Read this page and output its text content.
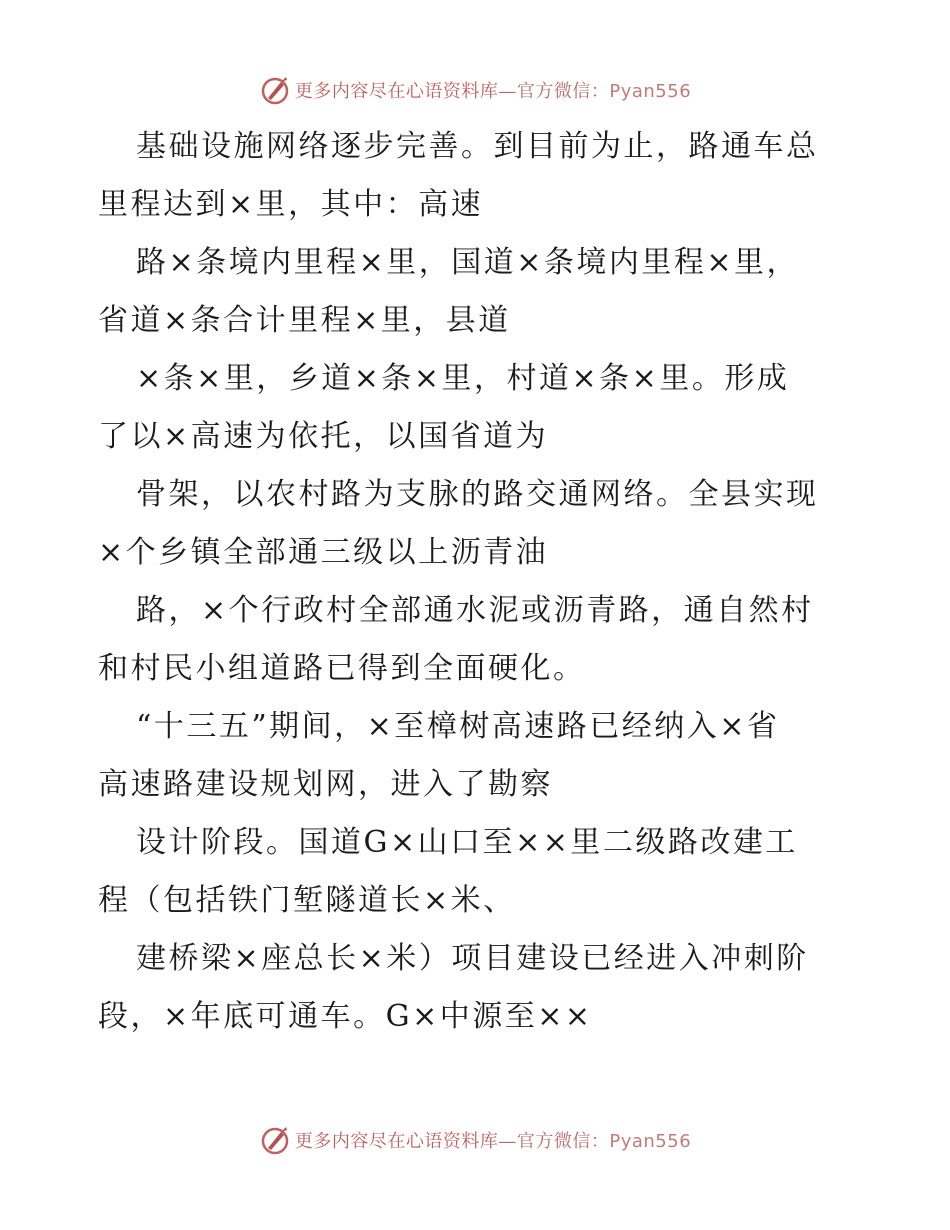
更多内容尽在心语资料库—官方微信：Pyan556
基础设施网络逐步完善。到目前为止，路通车总
里程达到×里，其中：高速
路×条境内里程×里，国道×条境内里程×里，
省道×条合计里程×里，县道
×条×里，乡道×条×里，村道×条×里。形成
了以×高速为依托，以国省道为
骨架，以农村路为支脉的路交通网络。全县实现
×个乡镇全部通三级以上沥青油
路，×个行政村全部通水泥或沥青路，通自然村
和村民小组道路已得到全面硬化。
“十三五”期间，×至樟树高速路已经纳入×省
高速路建设规划网，进入了勘察
设计阶段。国道G×山口至××里二级路改建工
程（包括铁门堑隧道长×米、
建桥梁×座总长×米）项目建设已经进入冲刺阶
段，×年底可通车。G×中源至××
更多内容尽在心语资料库—官方微信：Pyan556
